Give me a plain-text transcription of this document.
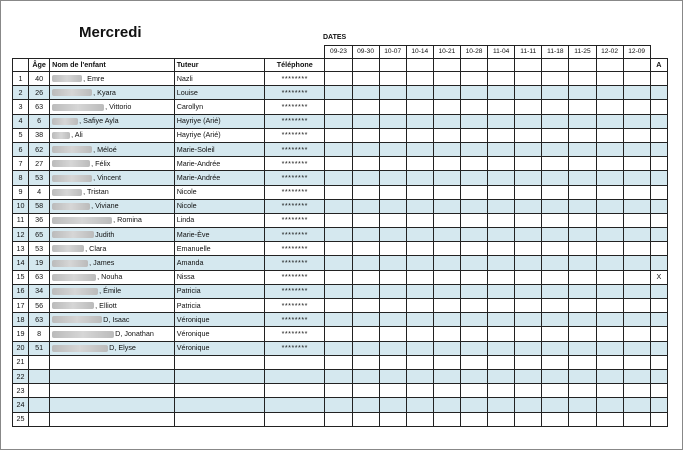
Mercredi	DATES
					09-23	09-30	10-07	10-14	10-21	10-28	11-04	11-11	11-18	11-25	12-02	12-09	
	Âge	Nom de l'enfant	Tuteur	Téléphone													A
1	40	, Emre	Nazli	********													
2	26	, Kyara	Louise	********													
3	63	, Vittorio	Carollyn	********													
4	6	, Safiye Ayla	Hayriye (Arié)	********													
5	38	, Ali	Hayriye (Arié)	********													
6	62	, Méloé	Marie-Soleil	********													
7	27	, Félix	Marie-Andrée	********													
8	53	, Vincent	Marie-Andrée	********													
9	4	, Tristan	Nicole	********													
10	58	, Viviane	Nicole	********													
11	36	, Romina	Linda	********													
12	65	Judith	Marie-Ève	********													
13	53	, Clara	Emanuelle	********													
14	19	, James	Amanda	********													
15	63	, Nouha	Nissa	********													X
16	34	, Émile	Patricia	********													
17	56	, Elliott	Patricia	********													
18	63	D, Isaac	Véronique	********													
19	8	D, Jonathan	Véronique	********													
20	51	D, Elyse	Véronique	********													
21																	
22																	
23																	
24																	
25																	
